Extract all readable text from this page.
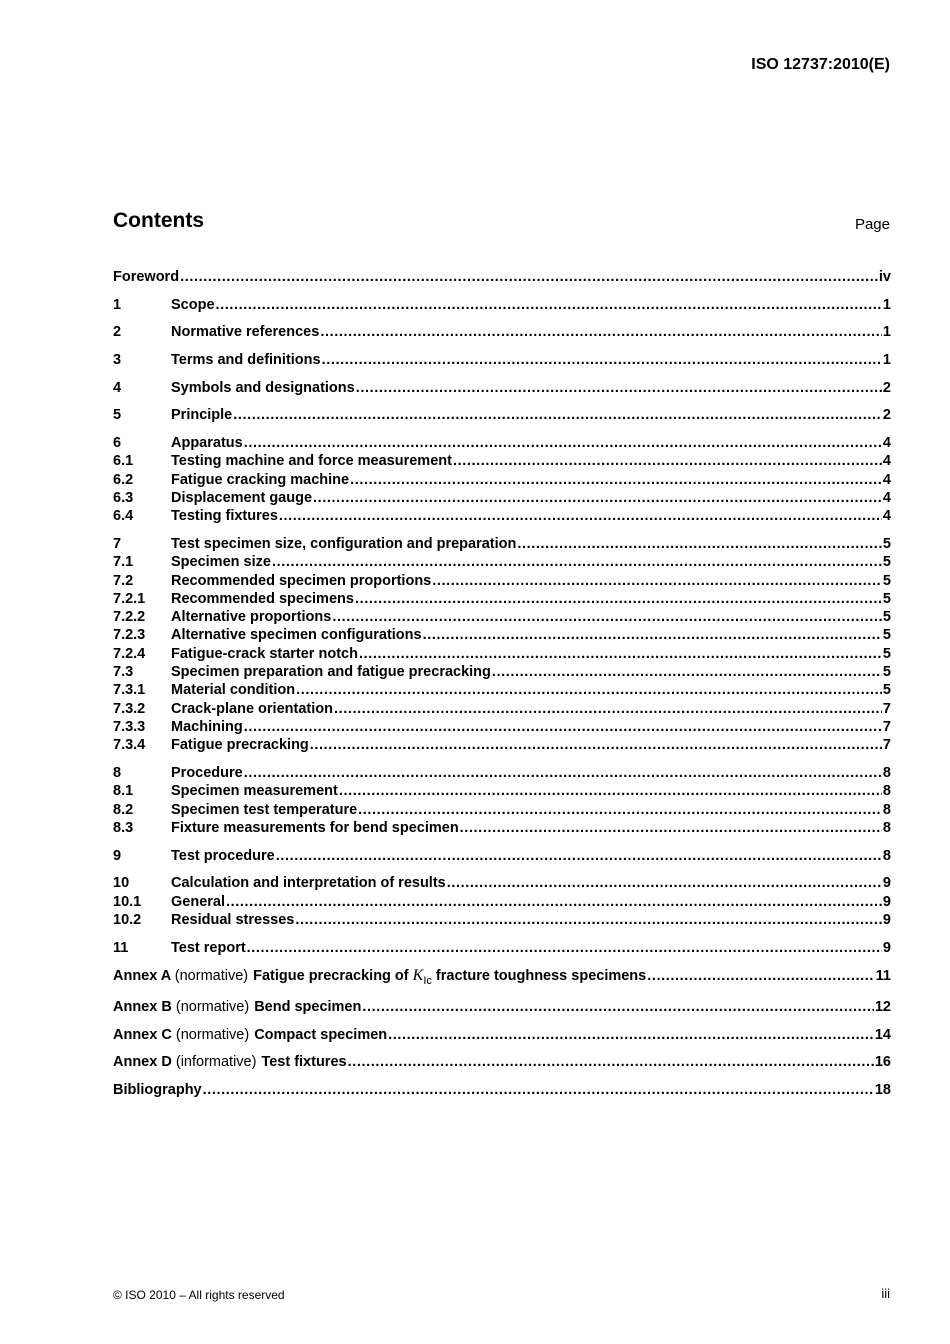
ISO 12737:2010(E)
Contents	Page
Foreword .....	iv
1	Scope .....	1
2	Normative references .....	1
3	Terms and definitions .....	1
4	Symbols and designations .....	2
5	Principle .....	2
6	Apparatus .....	4
6.1	Testing machine and force measurement .....	4
6.2	Fatigue cracking machine .....	4
6.3	Displacement gauge .....	4
6.4	Testing fixtures .....	4
7	Test specimen size, configuration and preparation .....	5
7.1	Specimen size .....	5
7.2	Recommended specimen proportions .....	5
7.2.1	Recommended specimens .....	5
7.2.2	Alternative proportions .....	5
7.2.3	Alternative specimen configurations .....	5
7.2.4	Fatigue-crack starter notch .....	5
7.3	Specimen preparation and fatigue precracking .....	5
7.3.1	Material condition .....	5
7.3.2	Crack-plane orientation .....	7
7.3.3	Machining .....	7
7.3.4	Fatigue precracking .....	7
8	Procedure .....	8
8.1	Specimen measurement .....	8
8.2	Specimen test temperature .....	8
8.3	Fixture measurements for bend specimen .....	8
9	Test procedure .....	8
10	Calculation and interpretation of results .....	9
10.1	General .....	9
10.2	Residual stresses .....	9
11	Test report .....	9
Annex A (normative) Fatigue precracking of $K_{Ic}$ fracture toughness specimens .....	11
Annex B (normative) Bend specimen .....	12
Annex C (normative) Compact specimen .....	14
Annex D (informative) Test fixtures .....	16
Bibliography .....	18
© ISO 2010 – All rights reserved	iii
